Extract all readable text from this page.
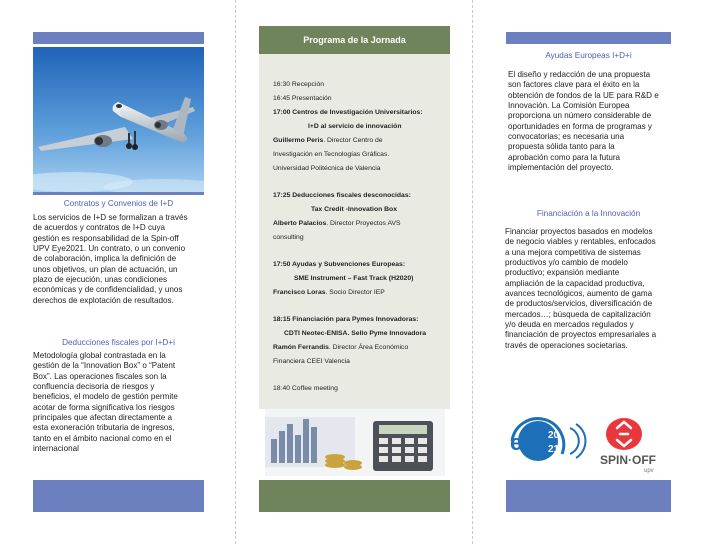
Contratos y Convenios de I+D
Los servicios de I+D se formalizan a través
de acuerdos y contratos de I+D cuya
gestión es responsabilidad de la Spin-off
UPV Eye2021. Un contrato, o un convenio
de colaboración, implica la definición de
unos objetivos, un plan de actuación, un
plazo de ejecución, unas condiciones
económicas y de confidencialidad, y unos
derechos de explotación de resultados.
Deducciones fiscales por I+D+i
Metodología global contrastada en la
gestión de la “Innovation Box” o “Patent
Box”. Las operaciones fiscales son la
confluencia decisoria de riesgos y
beneficios, el modelo de gestión permite
acotar de forma significativa los riesgos
principales que afectan directamente a
esta exoneración tributaria de ingresos,
tanto en el ámbito nacional como en el
internacional
Programa de la Jornada
16:30 Recepción
16:45 Presentación
17:00 Centros de Investigación Universitarios:
I+D al servicio de innovación
Guillermo Peris. Director Centro de
Investigación en Tecnologías Gráficas.
Universidad Politécnica de Valencia
17:25 Deducciones fiscales desconocidas:
Tax Credit -Innovation Box
Alberto Palacios. Director Proyectos AVS
consulting
17:50 Ayudas y Subvenciones Europeas:
SME Instrument – Fast Track (H2020)
Francisco Loras. Socio Director IEP
18:15 Financiación para Pymes Innovadoras:
CDTI Neotec-ENISA. Sello Pyme Innovadora
Ramón Ferrandis. Director Área Económico
Financiera CEEI Valencia
18:40 Coffee meeting
Ayudas Europeas I+D+i
El diseño y redacción de una propuesta
son factores clave para el éxito en la
obtención de fondos de la UE para R&D e
Innovación. La Comisión Europea
proporciona un número considerable de
oportunidades en forma de programas y
convocatorias; es necesaria una
propuesta sólida tanto para la
aprobación como para la futura
implementación del proyecto.
Financiación a la Innovación
Financiar proyectos basados en modelos
de negocio viables y rentables, enfocados
a una mejora competitiva de sistemas
productivos y/o cambio de modelo
productivo; expansión mediante
ampliación de la capacidad productiva,
avances tecnológicos, aumento de gama
de productos/servicios, diversificación de
mercados…; búsqueda de capitalización
y/o deuda en mercados regulados y
financiación de proyectos empresariales a
través de operaciones societarias.
eye 20
21
SPIN·OFF
upv
